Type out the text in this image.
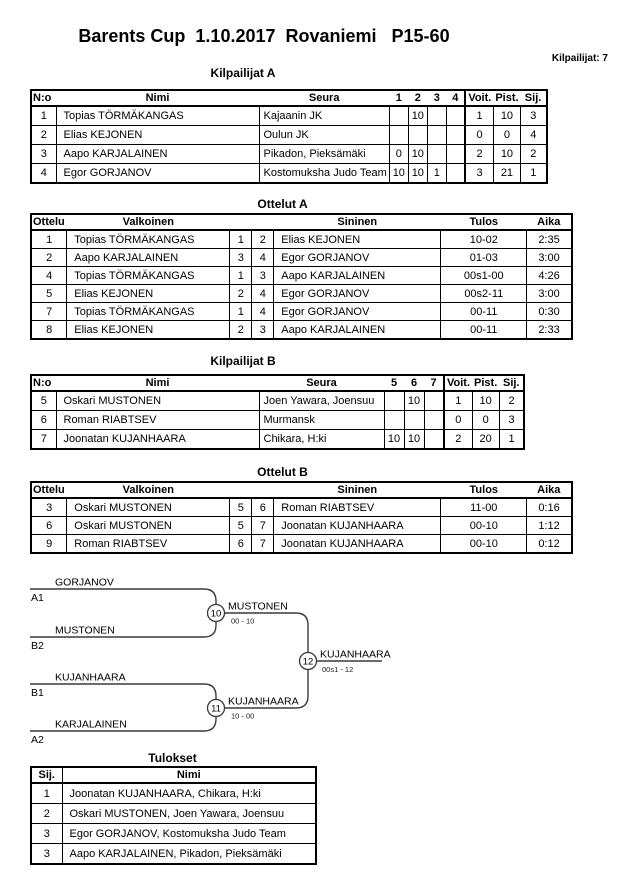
Barents Cup  1.10.2017  Rovaniemi   P15-60
Kilpailijat: 7
Kilpailijat A
N:o	Nimi	Seura	1	2	3	4	Voit.	Pist.	Sij.
1	Topias TÖRMÄKANGAS	Kajaanin JK		10			1	10	3
2	Elias KEJONEN	Oulun JK					0	0	4
3	Aapo KARJALAINEN	Pikadon, Pieksämäki	0	10			2	10	2
4	Egor GORJANOV	Kostomuksha Judo Team	10	10	1		3	21	1
Ottelut A
Ottelu	Valkoinen			Sininen	Tulos	Aika
1	Topias TÖRMÄKANGAS	1	2	Elias KEJONEN	10-02	2:35
2	Aapo KARJALAINEN	3	4	Egor GORJANOV	01-03	3:00
4	Topias TÖRMÄKANGAS	1	3	Aapo KARJALAINEN	00s1-00	4:26
5	Elias KEJONEN	2	4	Egor GORJANOV	00s2-11	3:00
7	Topias TÖRMÄKANGAS	1	4	Egor GORJANOV	00-11	0:30
8	Elias KEJONEN	2	3	Aapo KARJALAINEN	00-11	2:33
Kilpailijat B
N:o	Nimi	Seura	5	6	7	Voit.	Pist.	Sij.
5	Oskari MUSTONEN	Joen Yawara, Joensuu		10		1	10	2
6	Roman RIABTSEV	Murmansk				0	0	3
7	Joonatan KUJANHAARA	Chikara, H:ki	10	10		2	20	1
Ottelut B
Ottelu	Valkoinen			Sininen	Tulos	Aika
3	Oskari MUSTONEN	5	6	Roman RIABTSEV	11-00	0:16
6	Oskari MUSTONEN	5	7	Joonatan KUJANHAARA	00-10	1:12
9	Roman RIABTSEV	6	7	Joonatan KUJANHAARA	00-10	0:12
10
11
12
GORJANOV
A1
MUSTONEN
B2
MUSTONEN
00 - 10
KUJANHAARA
B1
KARJALAINEN
A2
KUJANHAARA
10 - 00
KUJANHAARA
00s1 - 12
Tulokset
Sij.	Nimi
1	Joonatan KUJANHAARA, Chikara, H:ki
2	Oskari MUSTONEN, Joen Yawara, Joensuu
3	Egor GORJANOV, Kostomuksha Judo Team
3	Aapo KARJALAINEN, Pikadon, Pieksämäki
